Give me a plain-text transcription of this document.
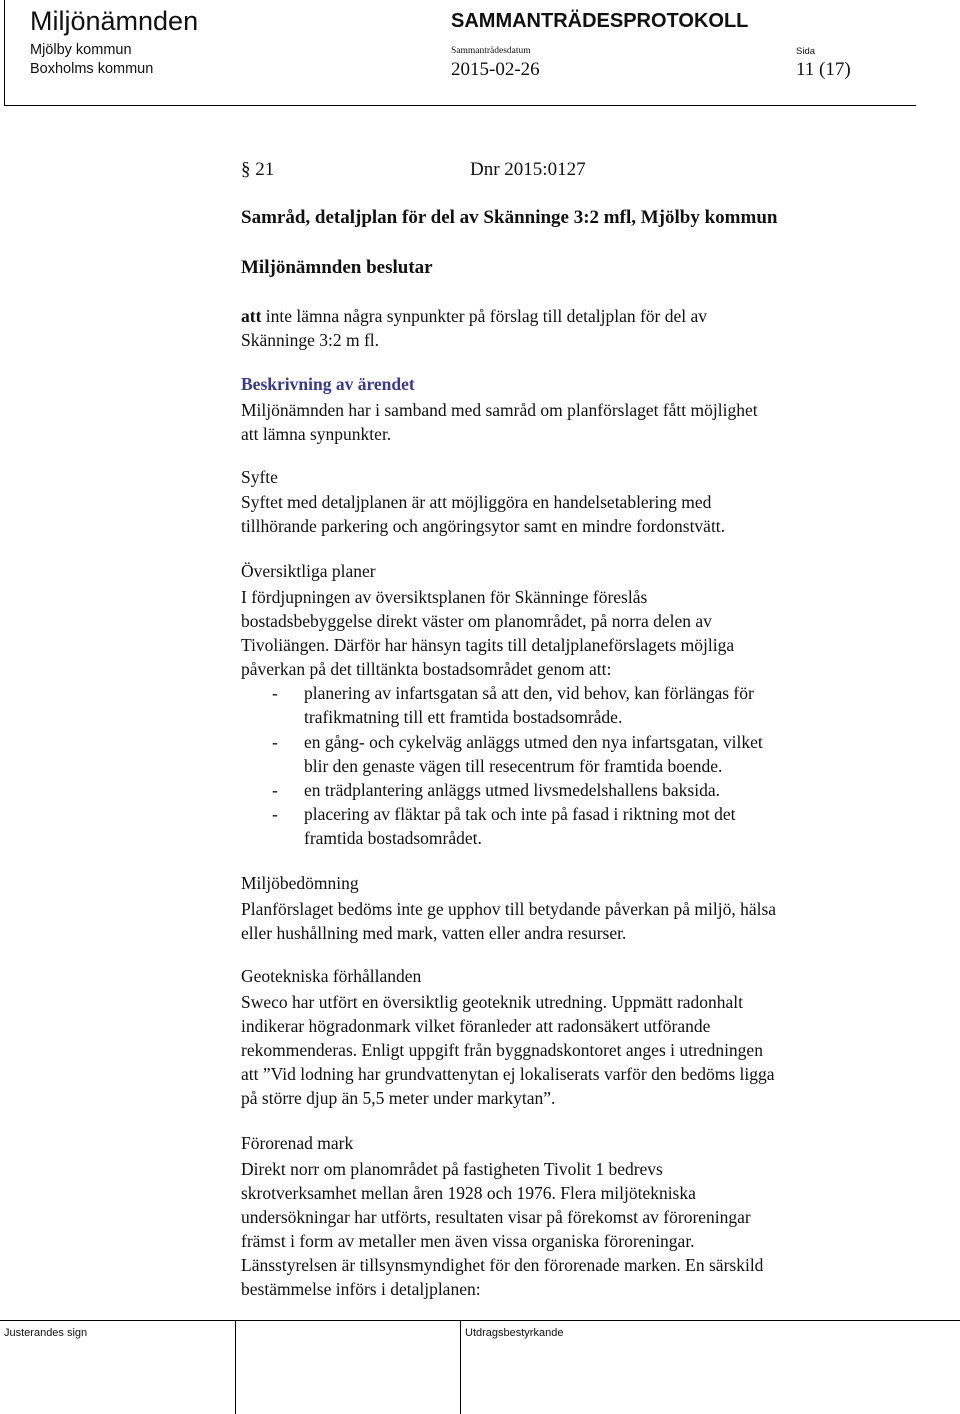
Miljönämnden
Mjölby kommun
Boxholms kommun
SAMMANTRÄDESPROTOKOLL
Sammanträdesdatum
2015-02-26
Sida
11 (17)
§ 21	Dnr 2015:0127
Samråd, detaljplan för del av Skänninge 3:2 mfl, Mjölby kommun
Miljönämnden beslutar
att inte lämna några synpunkter på förslag till detaljplan för del av
Skänninge 3:2 m fl.
Beskrivning av ärendet
Miljönämnden har i samband med samråd om planförslaget fått möjlighet
att lämna synpunkter.
Syfte
Syftet med detaljplanen är att möjliggöra en handelsetablering med
tillhörande parkering och angöringsytor samt en mindre fordonstvätt.
Översiktliga planer
I fördjupningen av översiktsplanen för Skänninge föreslås
bostadsbebyggelse direkt väster om planområdet, på norra delen av
Tivoliängen. Därför har hänsyn tagits till detaljplaneförslagets möjliga
påverkan på det tilltänkta bostadsområdet genom att:
- planering av infartsgatan så att den, vid behov, kan förlängas för
trafikmatning till ett framtida bostadsområde.
- en gång- och cykelväg anläggs utmed den nya infartsgatan, vilket
blir den genaste vägen till resecentrum för framtida boende.
- en trädplantering anläggs utmed livsmedelshallens baksida.
- placering av fläktar på tak och inte på fasad i riktning mot det
framtida bostadsområdet.
Miljöbedömning
Planförslaget bedöms inte ge upphov till betydande påverkan på miljö, hälsa
eller hushållning med mark, vatten eller andra resurser.
Geotekniska förhållanden
Sweco har utfört en översiktlig geoteknik utredning. Uppmätt radonhalt
indikerar högradonmark vilket föranleder att radonsäkert utförande
rekommenderas. Enligt uppgift från byggnadskontoret anges i utredningen
att ”Vid lodning har grundvattenytan ej lokaliserats varför den bedöms ligga
på större djup än 5,5 meter under markytan”.
Förorenad mark
Direkt norr om planområdet på fastigheten Tivolit 1 bedrevs
skrotverksamhet mellan åren 1928 och 1976. Flera miljötekniska
undersökningar har utförts, resultaten visar på förekomst av föroreningar
främst i form av metaller men även vissa organiska föroreningar.
Länsstyrelsen är tillsynsmyndighet för den förorenade marken. En särskild
bestämmelse införs i detaljplanen:
Justerandes sign	Utdragsbestyrkande
